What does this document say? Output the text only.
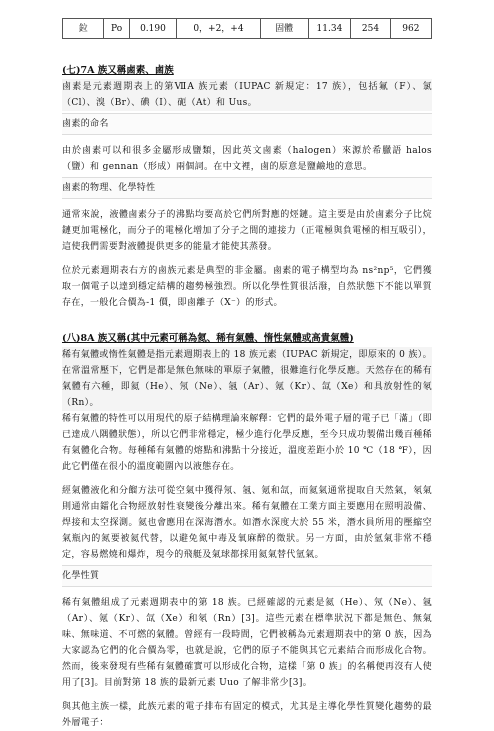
鉝	Po	0.190	0，+2，+4	固體	11.34	254	962
(七)7A 族又稱鹵素、鹵族

鹵素是元素週期表上的第ⅦA 族元素（IUPAC 新規定：17 族），包括氟（F）、氯（Cl）、溴（Br）、碘（I）、砈（At）和 Uus。

鹵素的命名

由於鹵素可以和很多金屬形成鹽類，因此英文鹵素（halogen）來源於希臘語 halos（鹽）和 gennan（形成）兩個詞。在中文裡，鹵的原意是鹽鹼地的意思。

鹵素的物理、化學特性

通常來說，液體鹵素分子的沸點均要高於它們所對應的烴鏈。這主要是由於鹵素分子比烷鏈更加電極化，而分子的電極化增加了分子之間的連接力（正電極與負電極的相互吸引），這使我們需要對液體提供更多的能量才能使其蒸發。

位於元素週期表右方的鹵族元素是典型的非金屬。鹵素的電子構型均為 ns²np⁵，它們獲取一個電子以達到穩定結構的趨勢極強烈。所以化學性質很活潑，自然狀態下不能以單質存在，一般化合價為-1 價，即鹵離子（X⁻）的形式。

(八)8A 族又稱(其中元素可稱為氦、稀有氣體、惰性氣體或高貴氣體)

稀有氣體或惰性氣體是指元素週期表上的 18 族元素（IUPAC 新規定，即原來的 0 族）。在常溫常壓下，它們是都是無色無味的單原子氣體，很難進行化學反應。天然存在的稀有氣體有六種，即氦（He）、氖（Ne）、氬（Ar）、氪（Kr）、氙（Xe）和具放射性的氡（Rn）。

稀有氣體的特性可以用現代的原子結構理論來解釋：它們的最外電子層的電子已「滿」（即已達成八隅體狀態），所以它們非常穩定，極少進行化學反應，至今只成功製備出幾百種稀有氣體化合物。每種稀有氣體的熔點和沸點十分接近，溫度差距小於 10 ℃（18 ℉），因此它們僅在很小的溫度範圍內以液態存在。

經氣體液化和分餾方法可從空氣中獲得氖、氬、氪和氙，而氦氣通常提取自天然氣，氡氣則通常由鐳化合物經放射性衰變後分離出來。稀有氣體在工業方面主要應用在照明設備、焊接和太空探測。氦也會應用在深海潛水。如潛水深度大於 55 米，潛水員所用的壓縮空氣瓶內的氮要被氦代替，以避免氮中毒及氧麻醉的徵狀。另一方面，由於氫氣非常不穩定，容易燃燒和爆炸，現今的飛艇及氣球都採用氦氣替代氫氣。

化學性質

稀有氣體組成了元素週期表中的第 18 族。已經確認的元素是氦（He）、氖（Ne）、氬（Ar）、氪（Kr）、氙（Xe）和氡（Rn）[3]。這些元素在標準狀況下都是無色、無氣味、無味道、不可燃的氣體。曾經有一段時間，它們被稱為元素週期表中的第 0 族，因為大家認為它們的化合價為零，也就是說，它們的原子不能與其它元素結合而形成化合物。然而，後來發現有些稀有氣體確實可以形成化合物，這樣「第 0 族」的名稱便再沒有人使用了[3]。目前對第 18 族的最新元素 Uuo 了解非常少[3]。

與其他主族一樣，此族元素的電子排布有固定的模式，尤其是主導化學性質變化趨勢的最外層電子：
